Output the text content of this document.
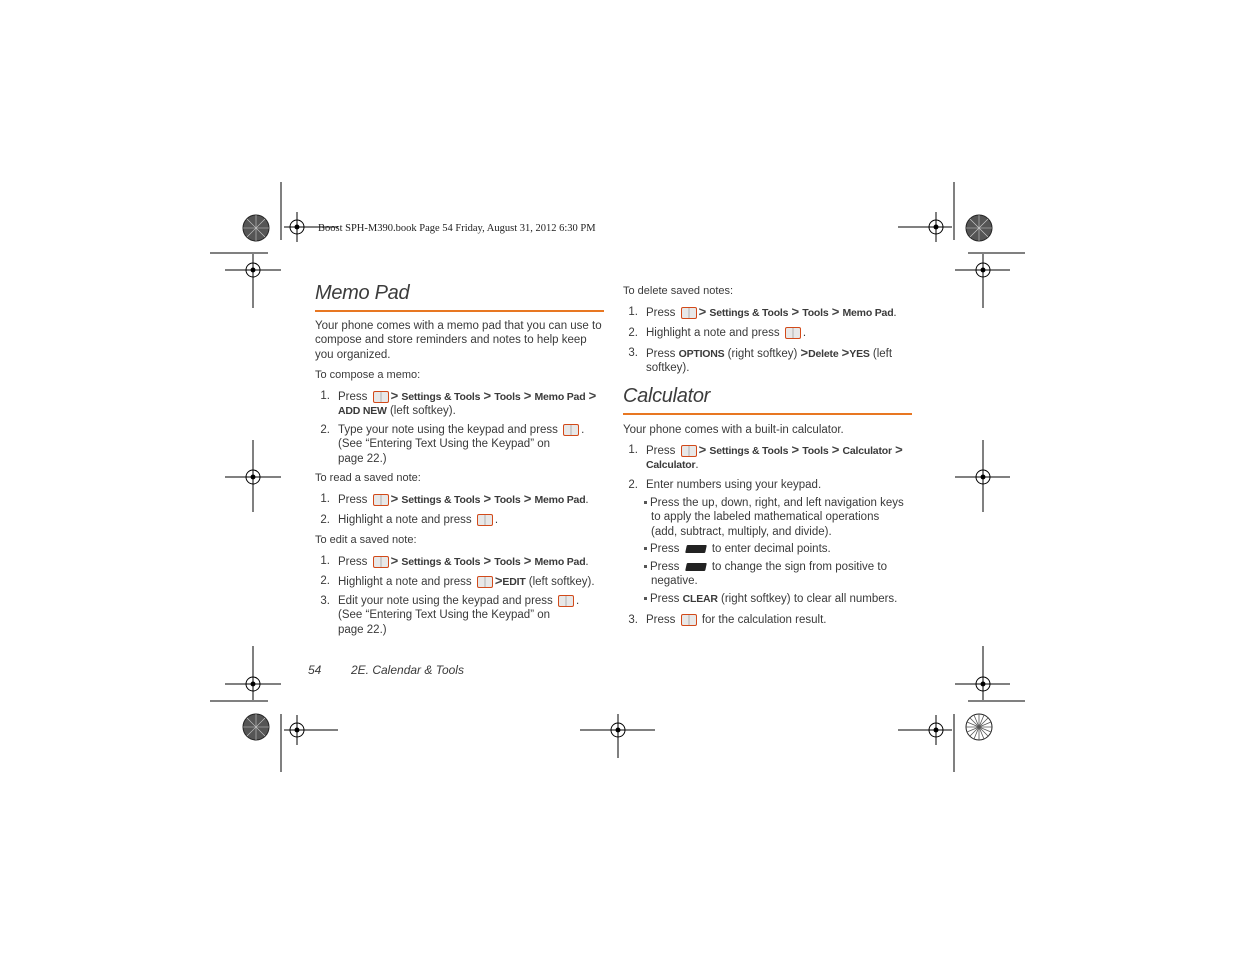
Boost SPH-M390.book Page 54 Friday, August 31, 2012 6:30 PM
Memo Pad
Your phone comes with a memo pad that you can use to compose and store reminders and notes to help keep you organized.
To compose a memo:
1. Press > Settings & Tools > Tools > Memo Pad >
ADD NEW (left softkey).
2. Type your note using the keypad and press .
(See “Entering Text Using the Keypad” on
page 22.)
To read a saved note:
1. Press > Settings & Tools > Tools > Memo Pad.
2. Highlight a note and press .
To edit a saved note:
1. Press > Settings & Tools > Tools > Memo Pad.
2. Highlight a note and press >EDIT (left softkey).
3. Edit your note using the keypad and press .
(See “Entering Text Using the Keypad” on
page 22.)
To delete saved notes:
1. Press > Settings & Tools > Tools > Memo Pad.
2. Highlight a note and press .
3. Press OPTIONS (right softkey) >Delete >YES (left
softkey).
Calculator
Your phone comes with a built-in calculator.
1. Press > Settings & Tools > Tools > Calculator >
Calculator.
2. Enter numbers using your keypad.
Press the up, down, right, and left navigation keys
to apply the labeled mathematical operations
(add, subtract, multiply, and divide).
Press	to enter decimal points.
Press	to change the sign from positive to
negative.
Press CLEAR (right softkey) to clear all numbers.
3. Press for the calculation result.
54 2E. Calendar & Tools
